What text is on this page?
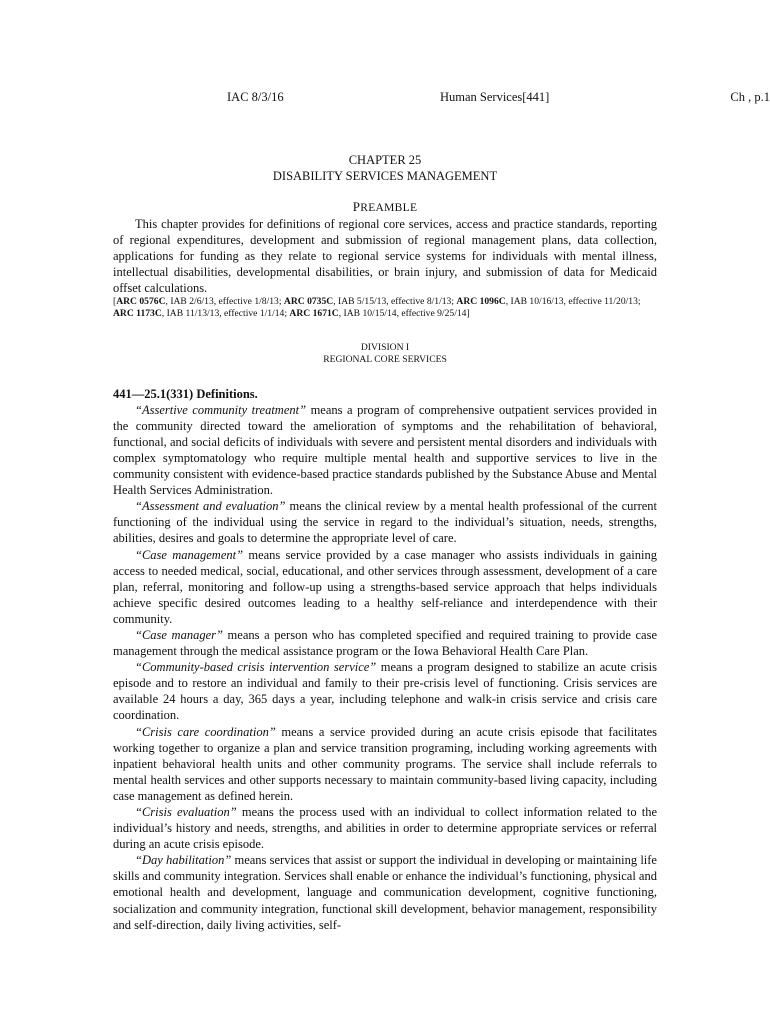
IAC 8/3/16	Human Services[441]	Ch , p.1
CHAPTER 25
DISABILITY SERVICES MANAGEMENT
PREAMBLE

This chapter provides for definitions of regional core services, access and practice standards, reporting of regional expenditures, development and submission of regional management plans, data collection, applications for funding as they relate to regional service systems for individuals with mental illness, intellectual disabilities, developmental disabilities, or brain injury, and submission of data for Medicaid offset calculations.

[ARC 0576C, IAB 2/6/13, effective 1/8/13; ARC 0735C, IAB 5/15/13, effective 8/1/13; ARC 1096C, IAB 10/16/13, effective 11/20/13; ARC 1173C, IAB 11/13/13, effective 1/1/14; ARC 1671C, IAB 10/15/14, effective 9/25/14]

DIVISION I
REGIONAL CORE SERVICES
441—25.1(331) Definitions.

“Assertive community treatment” means a program of comprehensive outpatient services provided in the community directed toward the amelioration of symptoms and the rehabilitation of behavioral, functional, and social deficits of individuals with severe and persistent mental disorders and individuals with complex symptomatology who require multiple mental health and supportive services to live in the community consistent with evidence-based practice standards published by the Substance Abuse and Mental Health Services Administration.

“Assessment and evaluation” means the clinical review by a mental health professional of the current functioning of the individual using the service in regard to the individual’s situation, needs, strengths, abilities, desires and goals to determine the appropriate level of care.

“Case management” means service provided by a case manager who assists individuals in gaining access to needed medical, social, educational, and other services through assessment, development of a care plan, referral, monitoring and follow-up using a strengths-based service approach that helps individuals achieve specific desired outcomes leading to a healthy self-reliance and interdependence with their community.

“Case manager” means a person who has completed specified and required training to provide case management through the medical assistance program or the Iowa Behavioral Health Care Plan.

“Community-based crisis intervention service” means a program designed to stabilize an acute crisis episode and to restore an individual and family to their pre-crisis level of functioning. Crisis services are available 24 hours a day, 365 days a year, including telephone and walk-in crisis service and crisis care coordination.

“Crisis care coordination” means a service provided during an acute crisis episode that facilitates working together to organize a plan and service transition programing, including working agreements with inpatient behavioral health units and other community programs. The service shall include referrals to mental health services and other supports necessary to maintain community-based living capacity, including case management as defined herein.

“Crisis evaluation” means the process used with an individual to collect information related to the individual’s history and needs, strengths, and abilities in order to determine appropriate services or referral during an acute crisis episode.

“Day habilitation” means services that assist or support the individual in developing or maintaining life skills and community integration. Services shall enable or enhance the individual’s functioning, physical and emotional health and development, language and communication development, cognitive functioning, socialization and community integration, functional skill development, behavior management, responsibility and self-direction, daily living activities, self-
